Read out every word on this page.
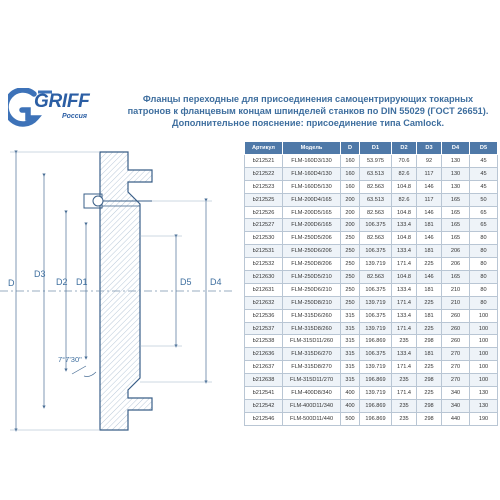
GRIFF
Россия
Фланцы переходные для присоединения самоцентрирующих токарных
патронов к фланцевым концам шпинделей станков по DIN 55029 (ГОСТ 26651).
Дополнительное пояснение: присоединение типа Camlock.
D
D3
D2 D1	D5 D4
7°7'30"
Артикул	Модель	D	D1	D2	D3	D4	D5
b212521	FLM-160D3/130	160	53.975	70.6	92	130	45
b212522	FLM-160D4/130	160	63.513	82.6	117	130	45
b212523	FLM-160D5/130	160	82.563	104.8	146	130	45
b212525	FLM-200D4/165	200	63.513	82.6	117	165	50
b212526	FLM-200D5/165	200	82.563	104.8	146	165	65
b212527	FLM-200D6/165	200	106.375	133.4	181	165	65
b212530	FLM-250D5/206	250	82.563	104.8	146	165	80
b212531	FLM-250D6/206	250	106.375	133.4	181	206	80
b212532	FLM-250D8/206	250	139.719	171.4	225	206	80
b212630	FLM-250D5/210	250	82.563	104.8	146	165	80
b212631	FLM-250D6/210	250	106.375	133.4	181	210	80
b212632	FLM-250D8/210	250	139.719	171.4	225	210	80
b212536	FLM-315D6/260	315	106.375	133.4	181	260	100
b212537	FLM-315D8/260	315	139.719	171.4	225	260	100
b212538	FLM-315D11/260	315	196.869	235	298	260	100
b212636	FLM-315D6/270	315	106.375	133.4	181	270	100
b212637	FLM-315D8/270	315	139.719	171.4	225	270	100
b212638	FLM-315D11/270	315	196.869	235	298	270	100
b212541	FLM-400D8/340	400	139.719	171.4	225	340	130
b212542	FLM-400D11/340	400	196.869	235	298	340	130
b212546	FLM-500D11/440	500	196.869	235	298	440	190
